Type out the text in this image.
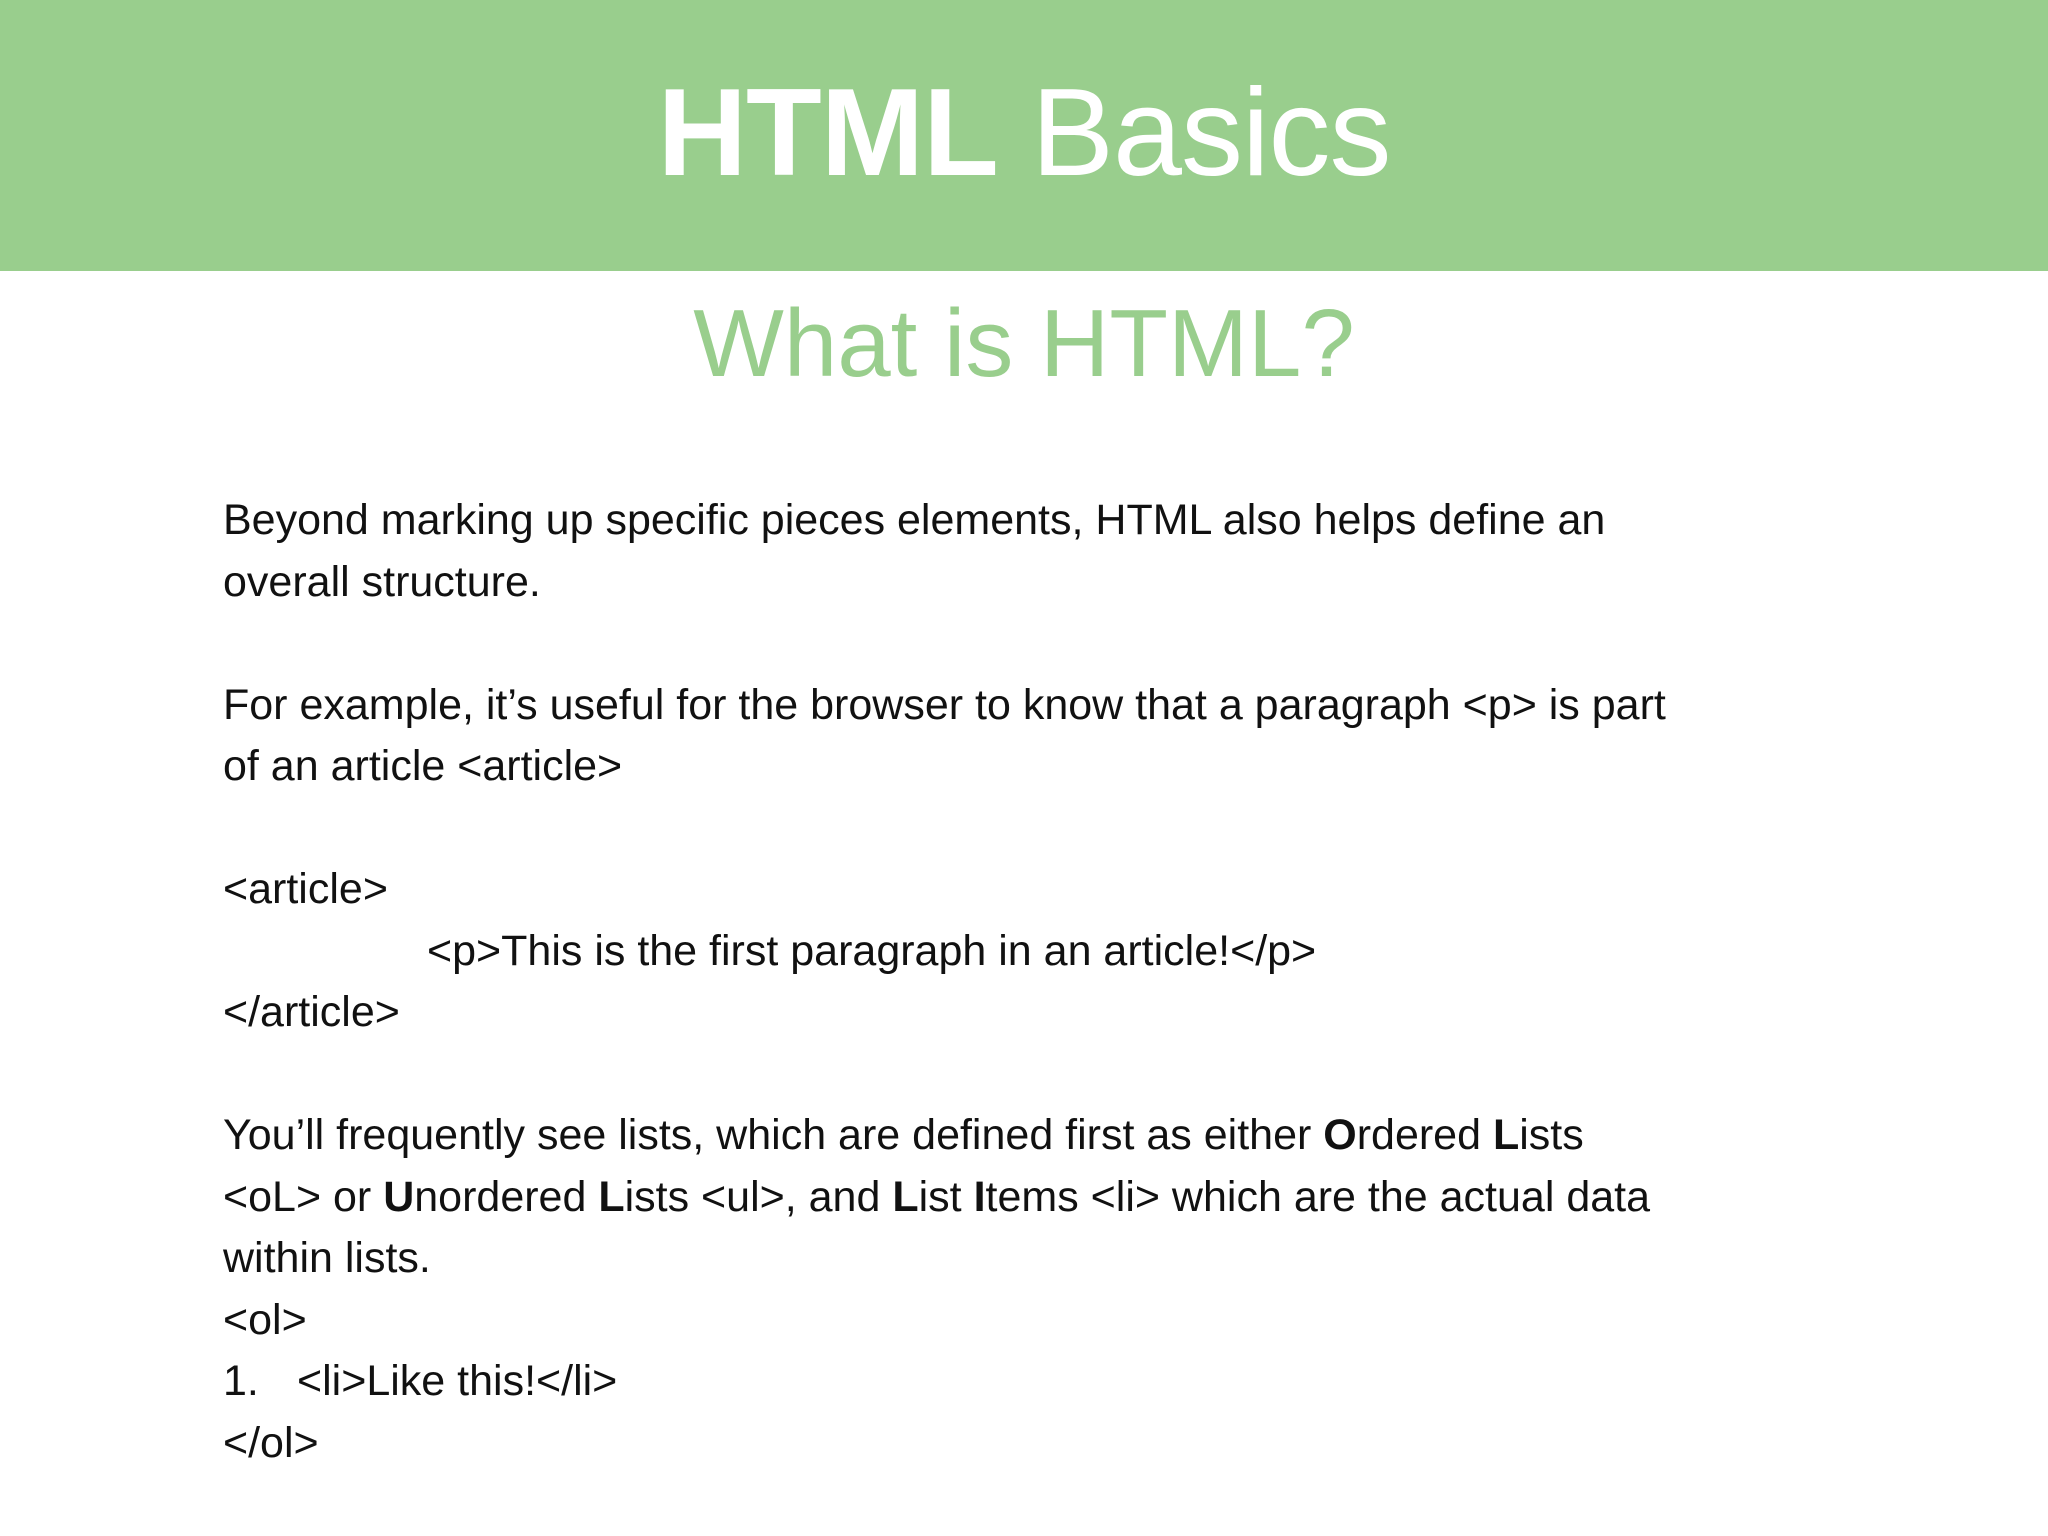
HTML Basics
What is HTML?

Beyond marking up specific pieces elements, HTML also helps define an

overall structure.

For example, it’s useful for the browser to know that a paragraph <p> is part

of an article <article>

<article>

<p>This is the first paragraph in an article!</p>

</article>

You’ll frequently see lists, which are defined first as either Ordered Lists

<oL> or Unordered Lists <ul>, and List Items <li> which are the actual data

within lists.

<ol>

1. <li>Like this!</li>

</ol>
